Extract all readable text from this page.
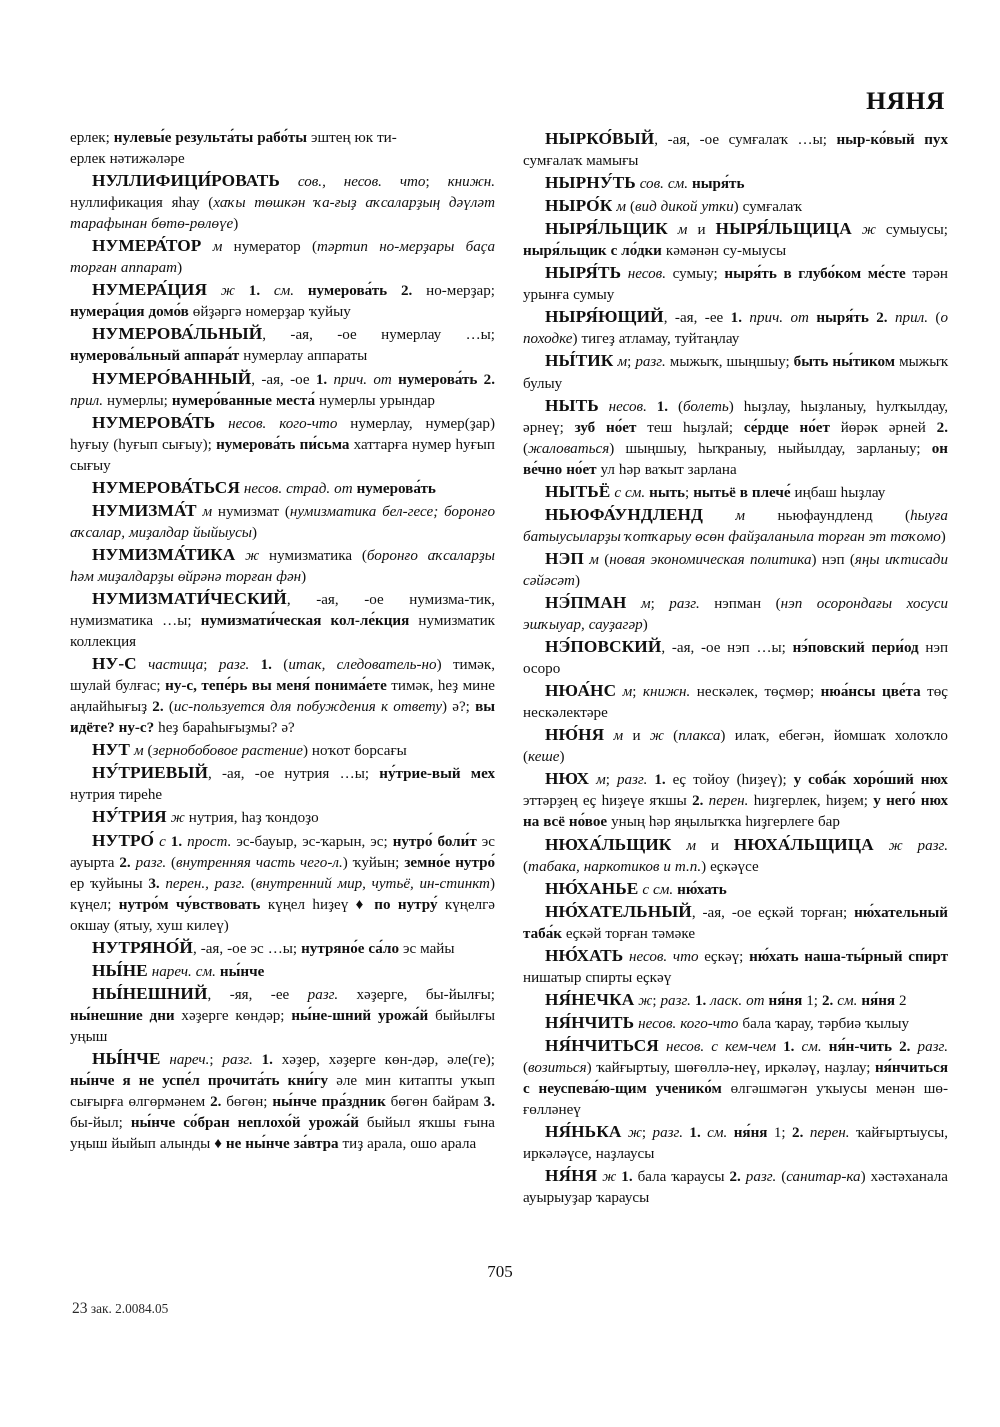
НЯНЯ

ерлек; нулевы́е результа́ты рабо́ты эштең юк ти-
ерлек нәтижәләре

НУЛЛИФИЦИ́РОВАТЬ сов., несов. что; книжн. нуллификация яһау (хаҡы төшкән ҡа-ғыҙ аҡсаларҙың дәүләт тарафынан бөтө-рөлөүе)

НУМЕРА́ТОР м нумератор (тәртип но-мерҙары баҫа торған аппарат)

НУМЕРА́ЦИЯ ж 1. см. нумерова́ть 2. но-мерҙар; нумера́ция домо́в өйҙәргә номерҙар ҡуйыу

НУМЕРОВА́ЛЬНЫЙ, -ая, -ое нумерлау …ы; нумерова́льный аппара́т нумерлау аппараты

НУМЕРО́ВАННЫЙ, -ая, -ое 1. прич. от нумерова́ть 2. прил. нумерлы; нумеро́ванные места́ нумерлы урындар

НУМЕРОВА́ТЬ несов. кого-что нумерлау, нумер(ҙар) һуғыу (һуғып сығыу); нумерова́ть пи́сьма хаттарға нумер һуғып сығыу

НУМЕРОВА́ТЬСЯ несов. страд. от нумерова́ть

НУМИЗМА́Т м нумизмат (нумизматика бел-гесе; боронғо аҡсалар, миҙалдар йыйыусы)

НУМИЗМА́ТИКА ж нумизматика (боронғо аҡсаларҙы һәм миҙалдарҙы өйрәнә торған фән)

НУМИЗМАТИ́ЧЕСКИЙ, -ая, -ое нумизма-тик, нумизматика …ы; нумизмати́ческая кол-ле́кция нумизматик коллекция

НУ-С частица; разг. 1. (итак, следователь-но) тимәк, шулай булғас; ну-с, тепе́рь вы меня́ понима́ете тимәк, һеҙ мине аңлайһығыҙ 2. (ис-пользуется для побуждения к ответу) ә?; вы идёте? ну-с? һеҙ бараһығыҙмы? ә?

НУТ м (зернобобовое растение) ноҡот борсағы

НУ́ТРИЕВЫЙ, -ая, -ое нутрия …ы; ну́трие-вый мех нутрия тиреһе

НУ́ТРИЯ ж нутрия, һаҙ ҡондоҙо

НУТРО́ с 1. прост. эс-бауыр, эс-ҡарын, эс; нутро́ боли́т эс ауырта 2. разг. (внутренняя часть чего-л.) ҡуйын; земно́е нутро́ ер ҡуйыны 3. перен., разг. (внутренний мир, чутьё, ин-стинкт) күңел; нутро́м чу́вствовать күңел һиҙеү ♦ по нутру́ күңелгә окшау (ятыу, хуш килеү)

НУТРЯНО́Й, -ая, -ое эс …ы; нутряно́е са́ло эс майы

НЫ́НЕ нареч. см. ны́нче

НЫ́НЕШНИЙ, -яя, -ее разг. хәҙерге, бы-йылғы; ны́нешние дни хәҙерге көндәр; ны́не-шний урожа́й быйылғы уңыш

НЫ́НЧЕ нареч.; разг. 1. хәҙер, хәҙерге көн-дәр, әле(ге); ны́нче я не успе́л прочита́ть кни́гу әле мин китапты уҡып сығырға өлгөрмәнем 2. бөгөн; ны́нче пра́здник бөгөн байрам 3. бы-йыл; ны́нче со́бран неплохо́й урожа́й быйыл яҡшы ғына уңыш йыйып алынды ♦ не ны́нче за́втра тиҙ арала, ошо арала

НЫРКО́ВЫЙ, -ая, -ое сумғалаҡ …ы; ныр-ко́вый пух сумғалаҡ мамығы

НЫРНУ́ТЬ сов. см. ныря́ть

НЫРО́К м (вид дикой утки) сумғалаҡ

НЫРЯ́ЛЬЩИК м и НЫРЯ́ЛЬЩИЦА ж сумыусы; ныря́льщик с ло́дки кәмәнән су-мыусы

НЫРЯ́ТЬ несов. сумыу; ныря́ть в глубо́ком ме́сте тәрән урынға сумыу

НЫРЯ́ЮЩИЙ, -ая, -ее 1. прич. от ныря́ть 2. прил. (о походке) тигеҙ атламау, туйтаңлау

НЫ́ТИК м; разг. мыжыҡ, шыңшыу; быть ны́тиком мыжыҡ булыу

НЫТЬ несов. 1. (болеть) һыҙлау, һыҙланыу, һулҡылдау, әрнеү; зуб но́ет теш һыҙлай; се́рдце но́ет йөрәк әрней 2. (жаловаться) шыңшыу, һыҡраныу, ныйылдау, зарланыу; он ве́чно но́ет ул һәр ваҡыт зарлана

НЫТЬЁ с см. ныть; нытьё в плече́ иңбаш һыҙлау

НЬЮФА́УНДЛЕНД м ньюфаундленд (һыуға батыусыларҙы ҡотҡарыу өсөн файҙаланыла торған эт тоҡомо)

НЭП м (новая экономическая политика) нэп (яңы иҡтисади сәйәсәт)

НЭ́ПМАН м; разг. нэпман (нэп осорондағы хосуси эшҡыуар, сауҙагәр)

НЭ́ПОВСКИЙ, -ая, -ое нэп …ы; нэ́повский пери́од нэп осоро

НЮА́НС м; книжн. нескәлек, төҫмөр; нюа́нсы цве́та төҫ нескәлектәре

НЮ́НЯ м и ж (плакса) илаҡ, ебегән, йомшаҡ холоҡло (кеше)

НЮХ м; разг. 1. еҫ тойоу (һиҙеү); у соба́к хоро́ший нюх эттәрҙең еҫ һиҙеүе яҡшы 2. перен. һиҙгерлек, һиҙем; у него́ нюх на всё но́вое уның һәр яңылыҡҡа һиҙгерлеге бар

НЮХА́ЛЬЩИК м и НЮХА́ЛЬЩИЦА ж разг. (табака, наркотиков и т.п.) еҫкәүсе

НЮ́ХАНЬЕ с см. ню́хать

НЮ́ХАТЕЛЬНЫЙ, -ая, -ое еҫкәй торған; ню́хательный таба́к еҫкәй торған тәмәке

НЮ́ХАТЬ несов. что еҫкәү; ню́хать наша-ты́рный спирт нишатыр спирты еҫкәү

НЯ́НЕЧКА ж; разг. 1. ласк. от ня́ня 1; 2. см. ня́ня 2

НЯ́НЧИТЬ несов. кого-что бала ҡарау, тәрбиә ҡылыу

НЯ́НЧИТЬСЯ несов. с кем-чем 1. см. ня́н-чить 2. разг. (возиться) ҡайғыртыу, шөғөллә-неү, иркәләү, наҙлау; ня́нчиться с неуспева́ю-щим ученико́м өлгәшмәгән уҡыусы менән шө-ғөлләнеү

НЯ́НЬКА ж; разг. 1. см. ня́ня 1; 2. перен. ҡайғыртыусы, иркәләүсе, наҙлаусы

НЯ́НЯ ж 1. бала ҡараусы 2. разг. (санитар-ка) хәстәханала ауырыуҙар ҡараусы

705
23 зак. 2.0084.05
